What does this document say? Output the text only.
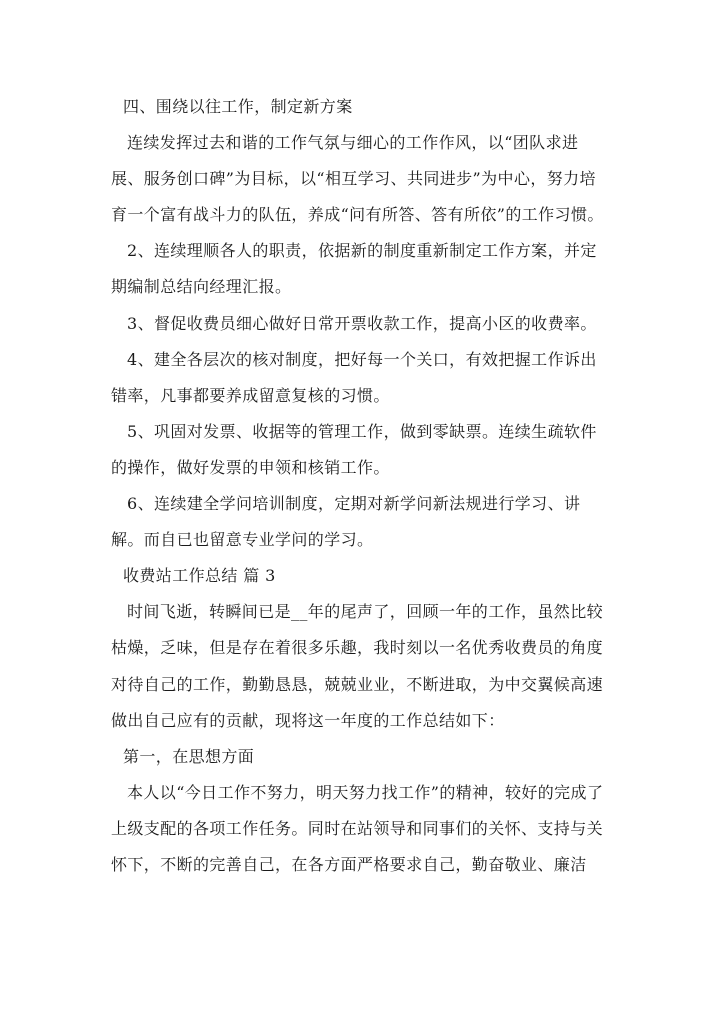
四、围绕以往工作，制定新方案

连续发挥过去和谐的工作气氛与细心的工作作风，以“团队求进展、服务创口碑”为目标，以“相互学习、共同进步”为中心，努力培育一个富有战斗力的队伍，养成“问有所答、答有所依”的工作习惯。

2、连续理顺各人的职责，依据新的制度重新制定工作方案，并定期编制总结向经理汇报。

3、督促收费员细心做好日常开票收款工作，提高小区的收费率。

4、建全各层次的核对制度，把好每一个关口，有效把握工作诉出错率，凡事都要养成留意复核的习惯。

5、巩固对发票、收据等的管理工作，做到零缺票。连续生疏软件的操作，做好发票的申领和核销工作。

6、连续建全学问培训制度，定期对新学问新法规进行学习、讲解。而自已也留意专业学问的学习。

收费站工作总结 篇 3

时间飞逝，转瞬间已是__年的尾声了，回顾一年的工作，虽然比较枯燥，乏味，但是存在着很多乐趣，我时刻以一名优秀收费员的角度对待自己的工作，勤勤恳恳，兢兢业业，不断进取，为中交翼候高速做出自己应有的贡献，现将这一年度的工作总结如下：

第一，在思想方面

本人以“今日工作不努力，明天努力找工作”的精神，较好的完成了上级支配的各项工作任务。同时在站领导和同事们的关怀、支持与关怀下，不断的完善自己，在各方面严格要求自己，勤奋敬业、廉洁
